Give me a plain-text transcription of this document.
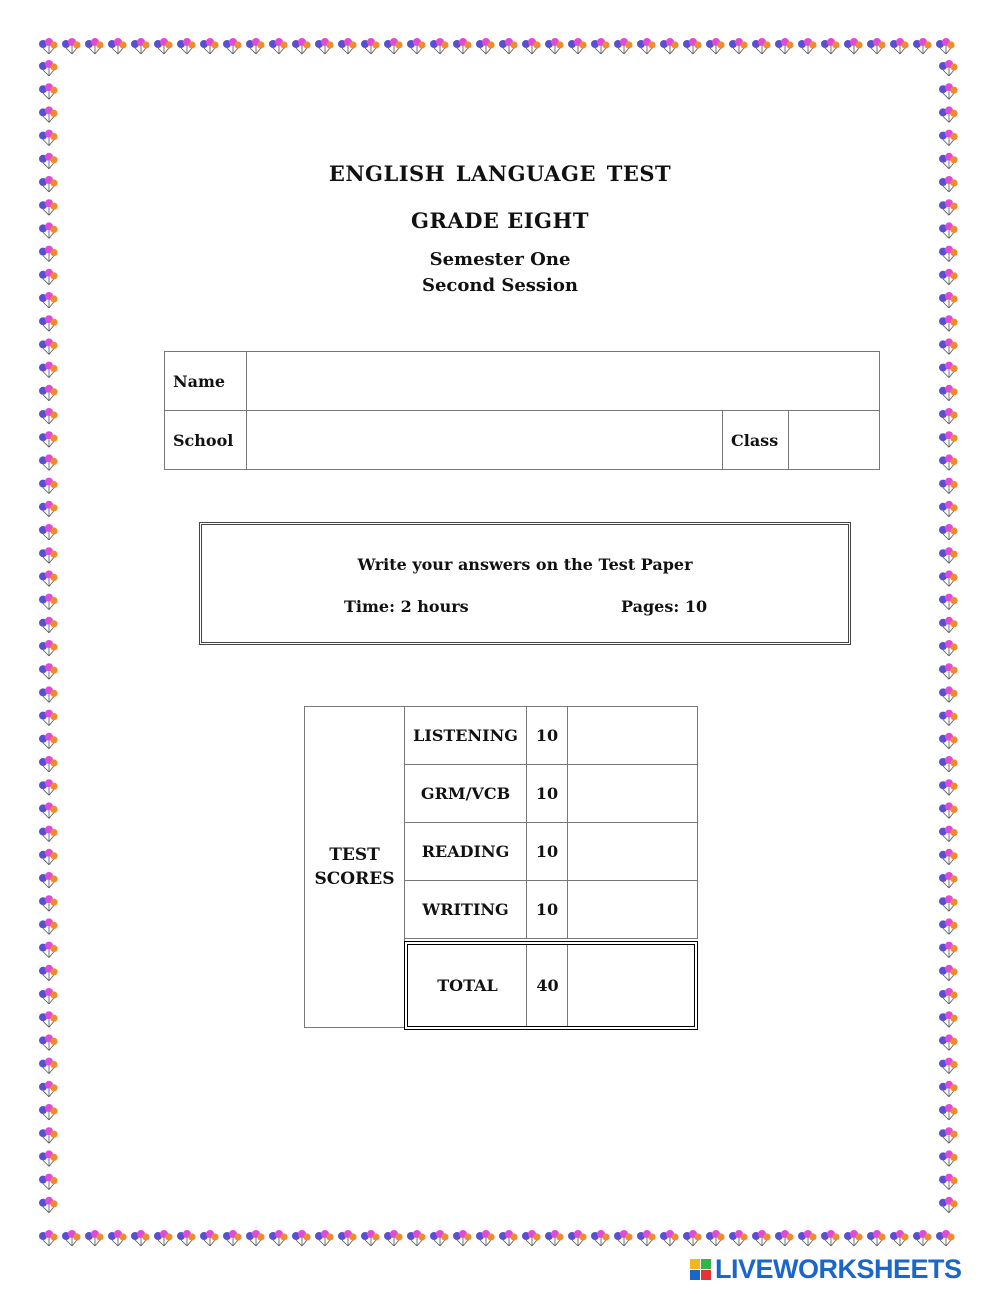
ENGLISH LANGUAGE TEST
GRADE EIGHT
Semester One
Second Session
Name			
School		Class	
Write your answers on the Test Paper
Time: 2 hours	Pages: 10
TEST
SCORES
LISTENING	10
GRM/VCB	10
READING	10
WRITING	10
TOTAL	40
LIVEWORKSHEETS
